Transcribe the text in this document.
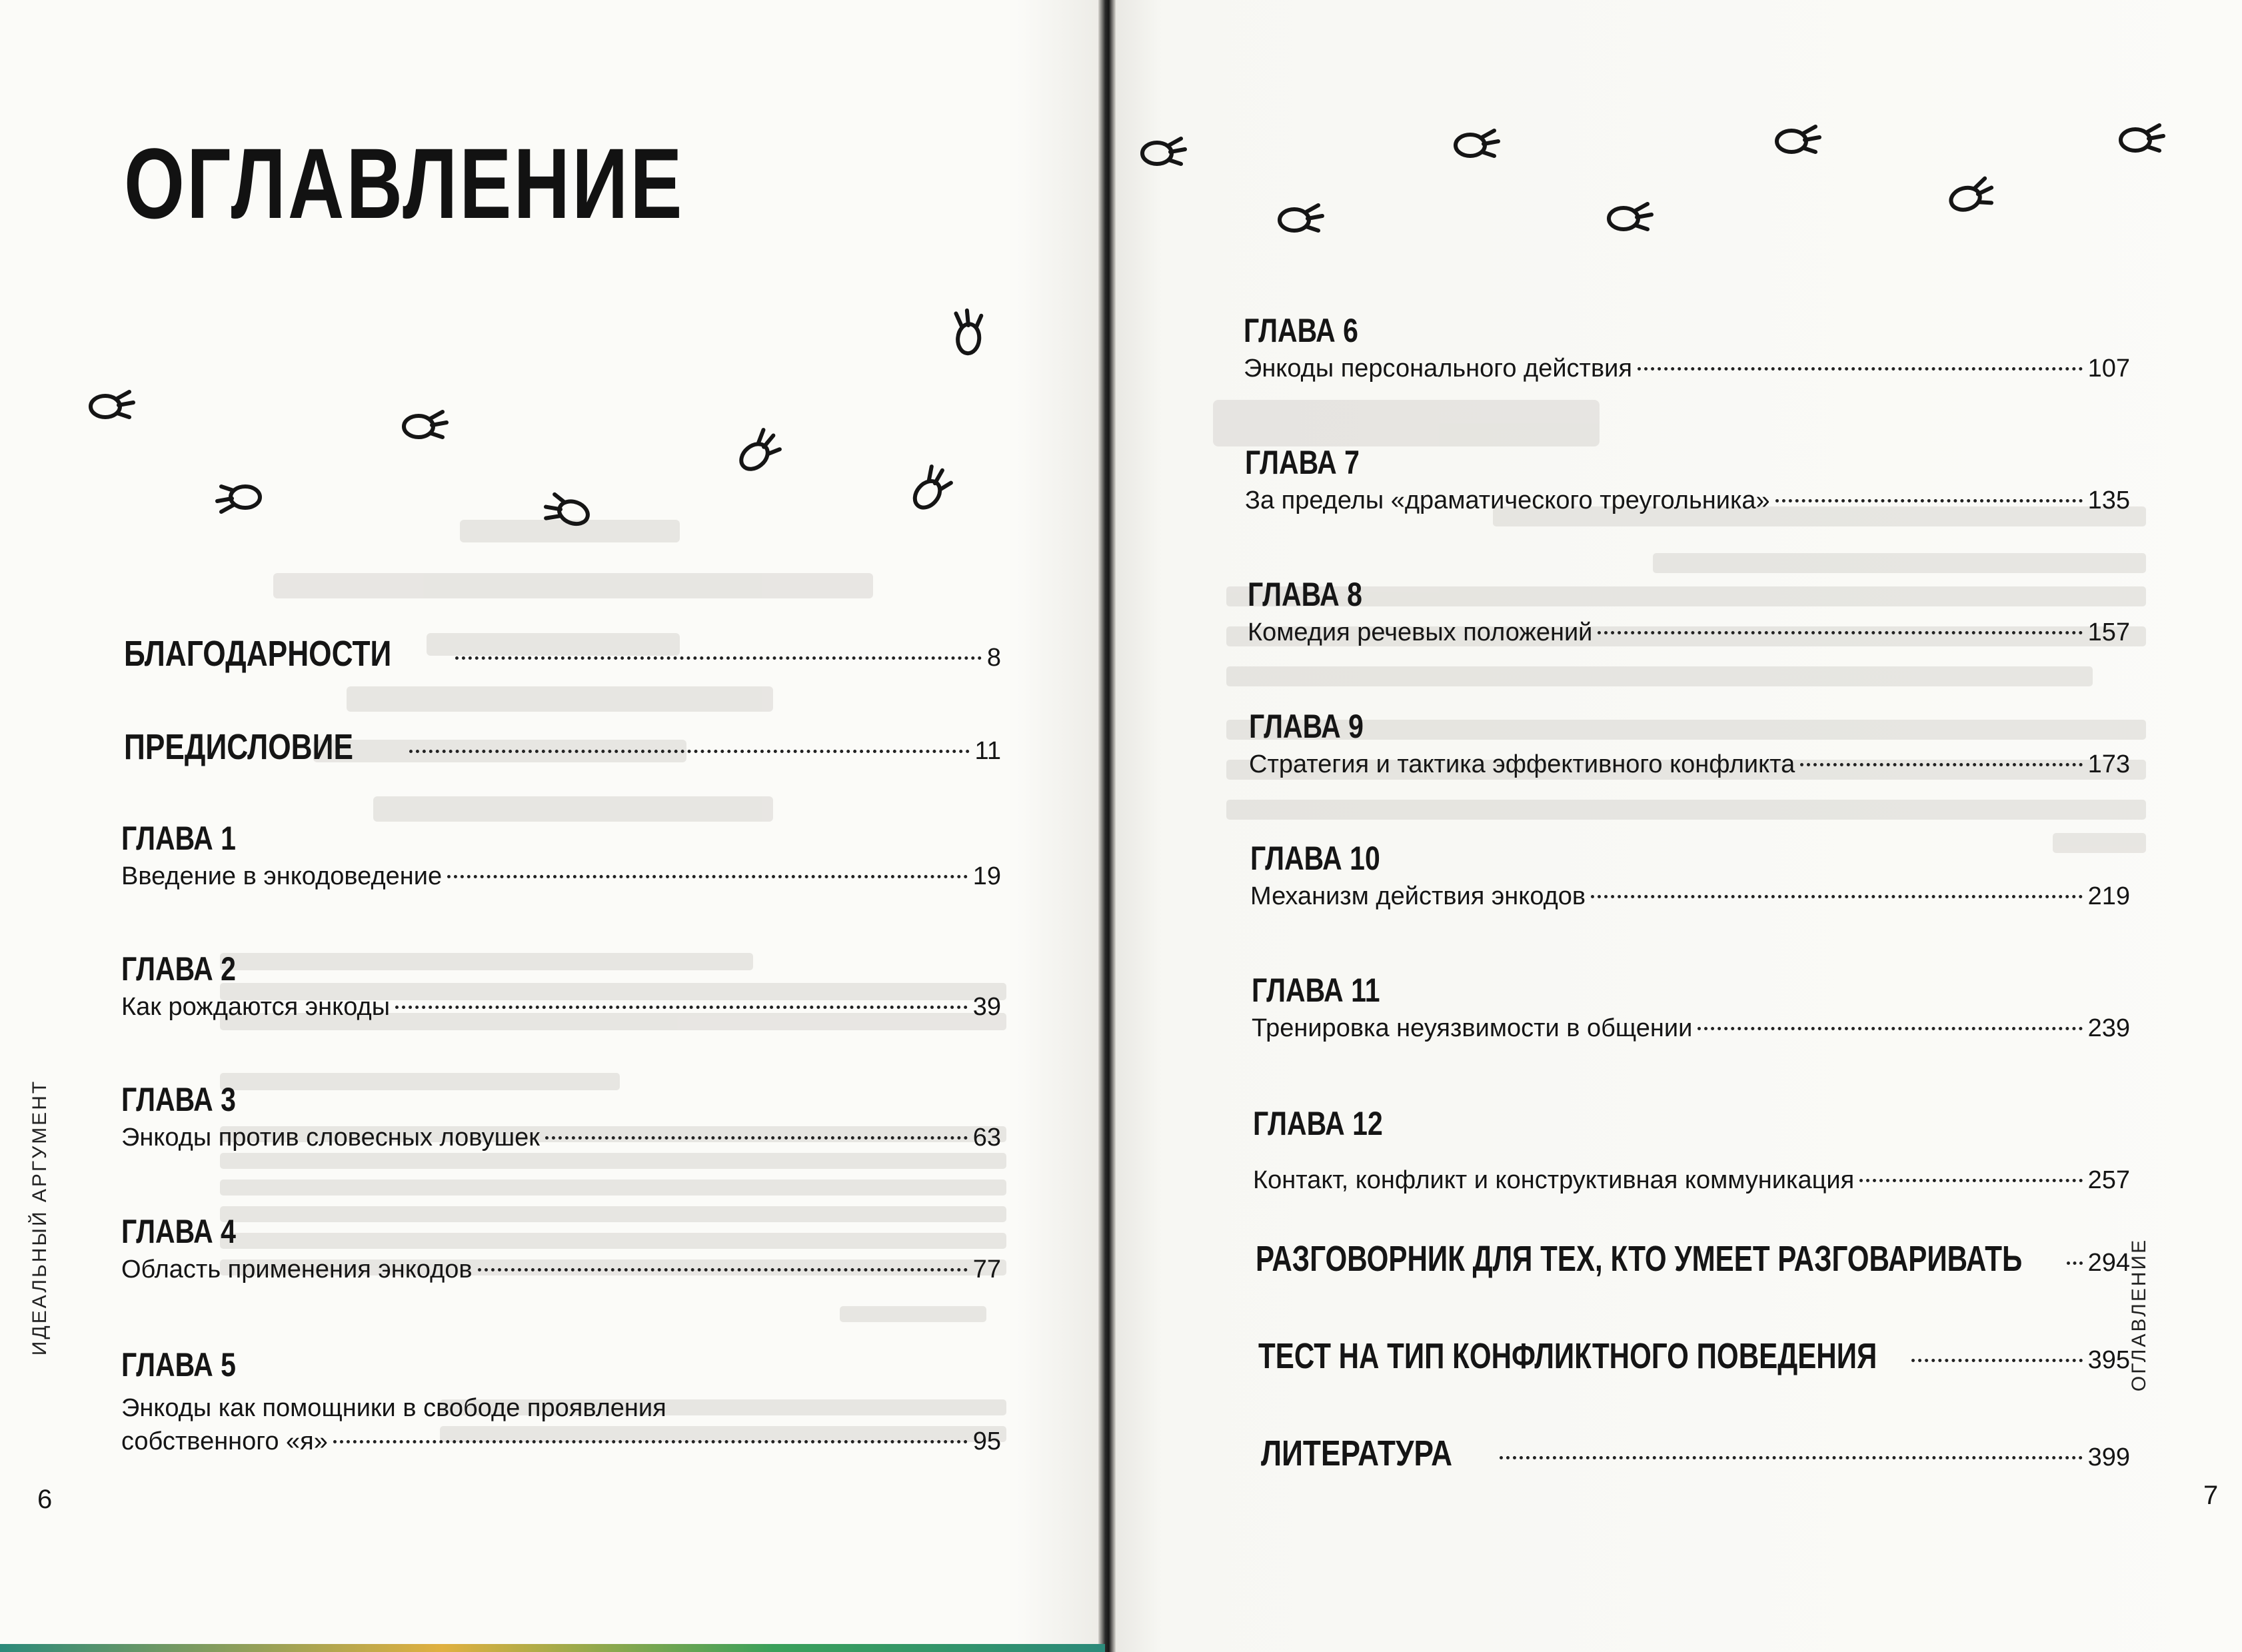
ОГЛАВЛЕНИЕ
БЛАГОДАРНОСТИ	8
ПРЕДИСЛОВИЕ	11
ГЛАВА 1
Введение в энкодоведение	19
ГЛАВА 2
Как рождаются энкоды	39
ГЛАВА 3
Энкоды против словесных ловушек	63
ГЛАВА 4
Область применения энкодов	77
ГЛАВА 5
Энкоды как помощники в свободе проявления
собственного «я»	95
ИДЕАЛЬНЫЙ АРГУМЕНТ
6
ГЛАВА 6
Энкоды персонального действия	107
ГЛАВА 7
За пределы «драматического треугольника»	135
ГЛАВА 8
Комедия речевых положений	157
ГЛАВА 9
Стратегия и тактика эффективного конфликта	173
ГЛАВА 10
Механизм действия энкодов	219
ГЛАВА 11
Тренировка неуязвимости в общении	239
ГЛАВА 12
Контакт, конфликт и конструктивная коммуникация	257
РАЗГОВОРНИК ДЛЯ ТЕХ, КТО УМЕЕТ РАЗГОВАРИВАТЬ	294
ТЕСТ НА ТИП КОНФЛИКТНОГО ПОВЕДЕНИЯ	395
ЛИТЕРАТУРА	399
ОГЛАВЛЕНИЕ
7
